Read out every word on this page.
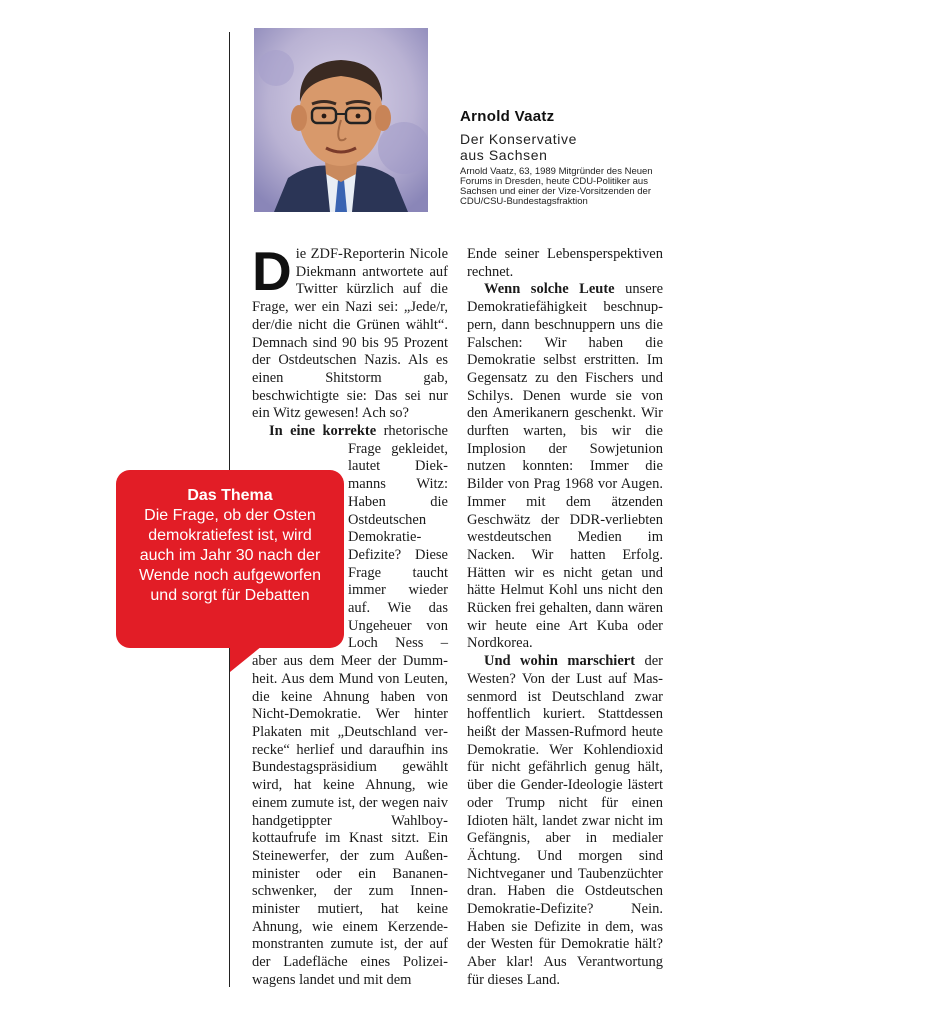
Arnold Vaatz
Der Konservative
aus Sachsen
Arnold Vaatz, 63, 1989 Mitgründer des Neuen Forums in Dresden, heute CDU-Politiker aus Sachsen und einer der Vize-Vorsitzenden der CDU/CSU-Bundestagsfraktion

Die ZDF-Reporterin Nicole Diekmann antwortete auf Twitter kürzlich auf die Frage, wer ein Nazi sei: „Jede/r, der/die nicht die Grünen wählt“. Demnach sind 90 bis 95 Prozent der Ostdeutschen Nazis. Als es einen Shitstorm gab, beschwichtigte sie: Das sei nur ein Witz gewesen! Ach so?

In eine korrekte
rhetorische Frage gekleidet, lautet Diekmanns Witz: Haben die Ostdeutschen Demokratie-Defizite? Diese Frage taucht immer wieder auf. Wie das Ungeheuer von Loch Ness – aber aus dem Meer der Dummheit. Aus dem Mund von Leuten, die keine Ahnung haben von Nicht-Demokratie. Wer hinter Plakaten mit „Deutschland verrecke“ herlief und daraufhin ins Bundestagspräsidium gewählt wird, hat keine Ahnung, wie einem zumute ist, der wegen naiv handgetippter Wahlboykottaufrufe im Knast sitzt. Ein Steinewerfer, der zum Außenminister oder ein Bananenschwenker, der zum Innenminister mutiert, hat keine Ahnung, wie einem Kerzendemonstranten zumute ist, der auf der Ladefläche eines Polizeiwagens landet und mit dem

Ende seiner Lebensperspektiven rechnet.

Wenn solche Leute unsere Demokratiefähigkeit beschnuppern, dann beschnuppern uns die Falschen: Wir haben die Demokratie selbst erstritten. Im Gegensatz zu den Fischers und Schilys. Denen wurde sie von den Amerikanern geschenkt. Wir durften warten, bis wir die Implosion der Sowjetunion nutzen konnten: Immer die Bilder von Prag 1968 vor Augen. Immer mit dem ätzenden Geschwätz der DDR-verliebten westdeutschen Medien im Nacken. Wir hatten Erfolg. Hätten wir es nicht getan und hätte Helmut Kohl uns nicht den Rücken frei gehalten, dann wären wir heute eine Art Kuba oder Nordkorea.

Und wohin marschiert der Westen? Von der Lust auf Massenmord ist Deutschland zwar hoffentlich kuriert. Stattdessen heißt der Massen-Rufmord heute Demokratie. Wer Kohlendioxid für nicht gefährlich genug hält, über die Gender-Ideologie lästert oder Trump nicht für einen Idioten hält, landet zwar nicht im Gefängnis, aber in medialer Ächtung. Und morgen sind Nichtveganer und Taubenzüchter dran. Haben die Ostdeutschen Demokratie-Defizite? Nein. Haben sie Defizite in dem, was der Westen für Demokratie hält? Aber klar! Aus Verantwortung für dieses Land.

Das Thema
Die Frage, ob der Osten demokratiefest ist, wird auch im Jahr 30 nach der Wende noch aufgeworfen und sorgt für Debatten
